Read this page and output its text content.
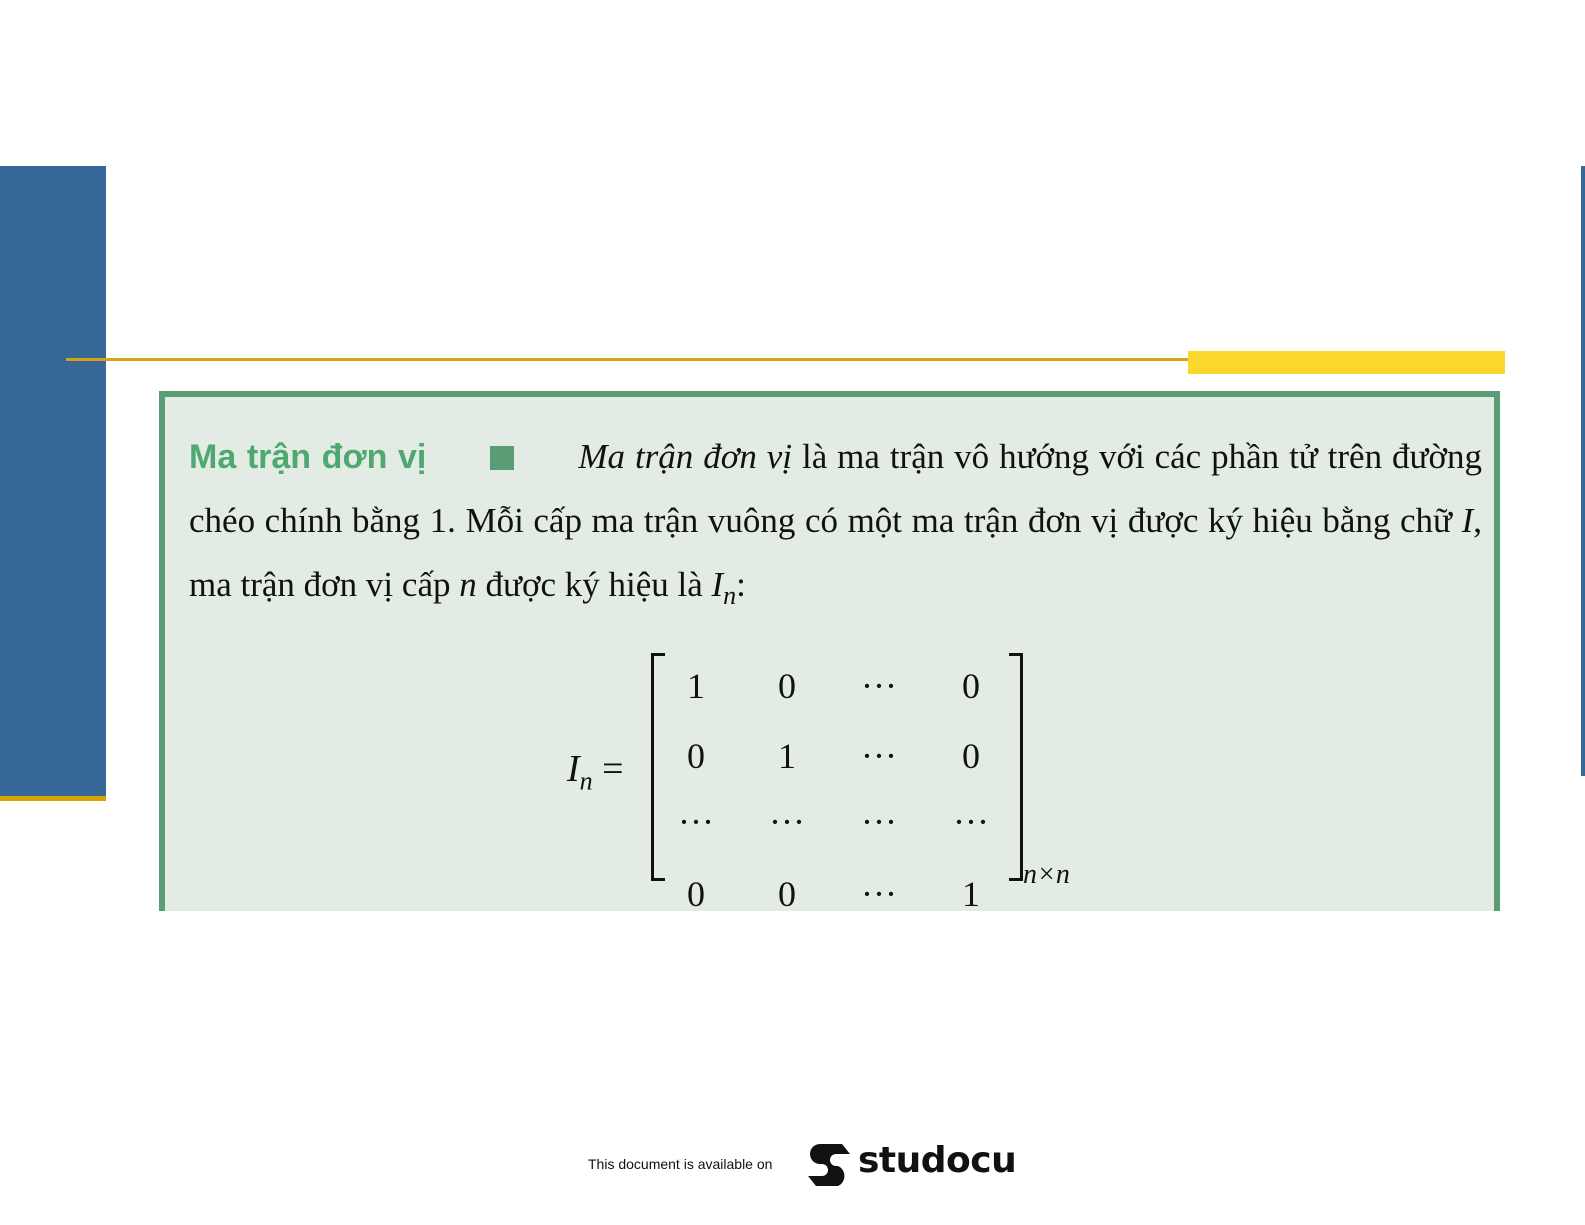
Ma trận đơn vị	Ma trận đơn vị là ma trận vô hướng với các phần tử trên đường chéo chính bằng 1. Mỗi cấp ma trận vuông có một ma trận đơn vị được ký hiệu bằng chữ I, ma trận đơn vị cấp n được ký hiệu là $I_n$:

$I_n$ =
1	0	···	0
0	1	···	0
···	···	···	···
0	0	···	1	n×n
This document is available on studocu
